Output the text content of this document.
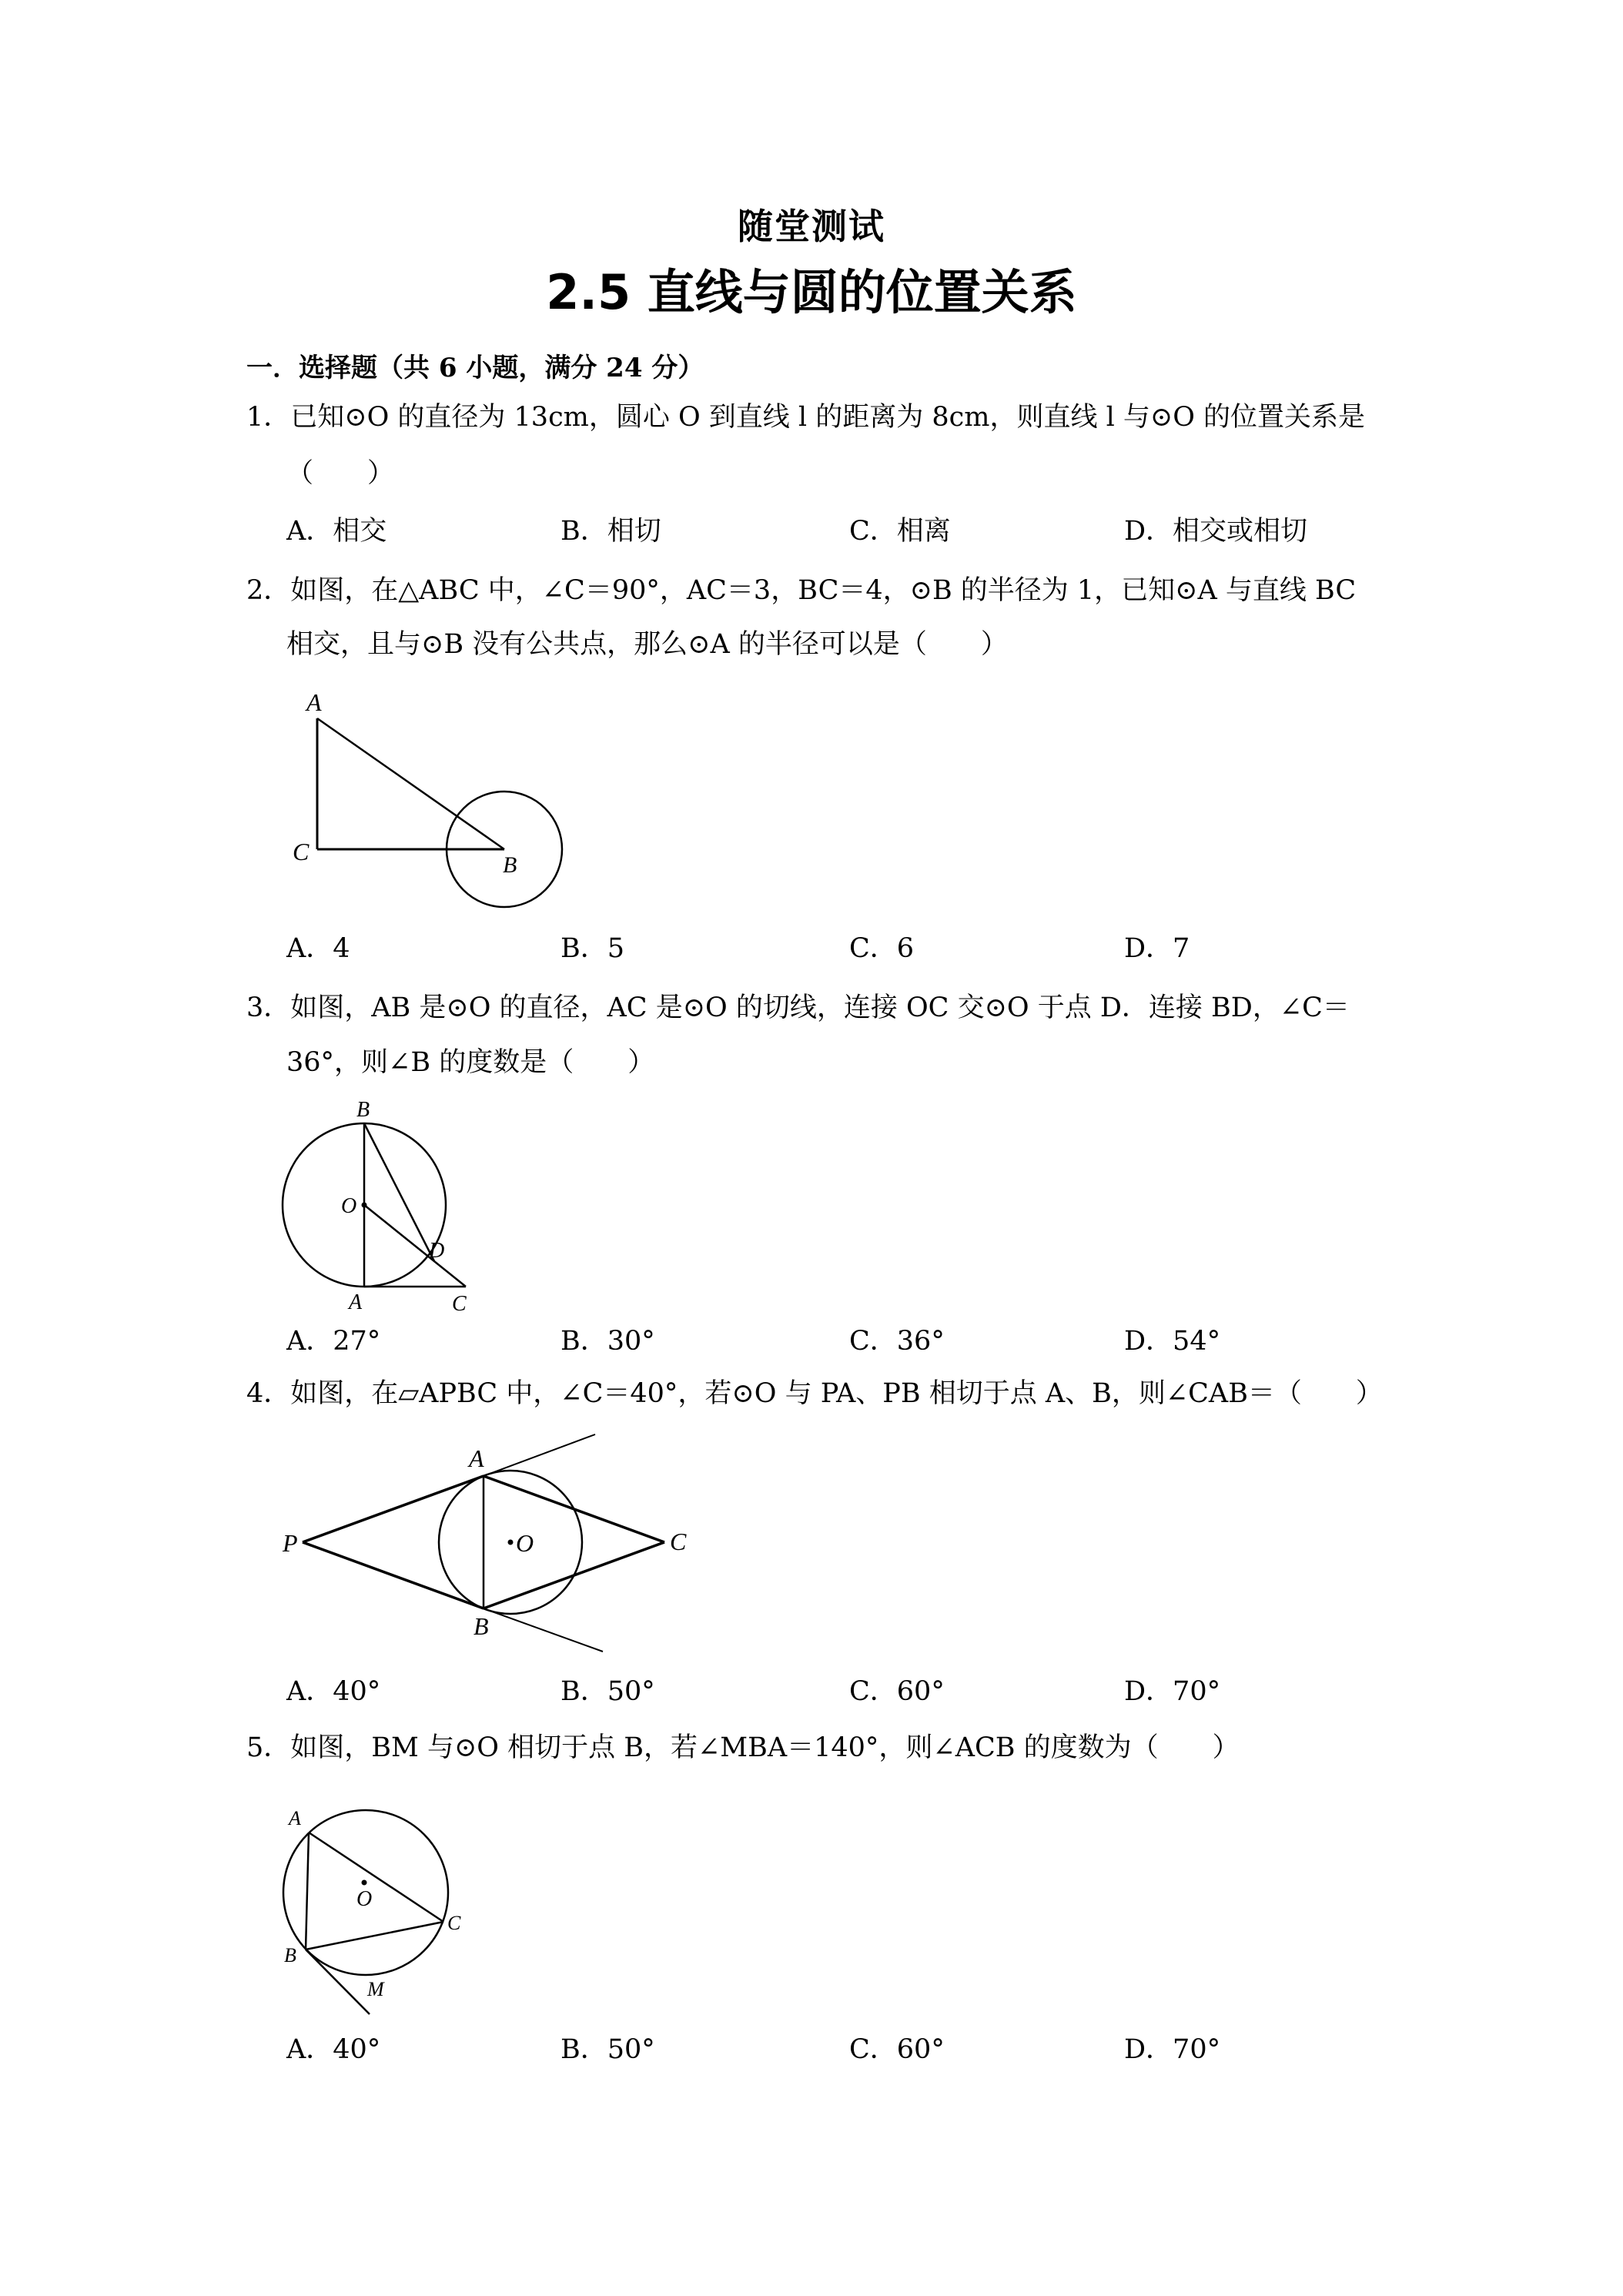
随堂测试
2.5 直线与圆的位置关系
一．选择题（共 6 小题，满分 24 分）
1．已知⊙O 的直径为 13cm，圆心 O 到直线 l 的距离为 8cm，则直线 l 与⊙O 的位置关系是
（　　）
A．相交	B．相切	C．相离	D．相交或相切
2．如图，在△ABC 中，∠C＝90°，AC＝3，BC＝4，⊙B 的半径为 1，已知⊙A 与直线 BC
相交，且与⊙B 没有公共点，那么⊙A 的半径可以是（　　）
A
C	B
A．4	B．5	C．6	D．7
3．如图，AB 是⊙O 的直径，AC 是⊙O 的切线，连接 OC 交⊙O 于点 D．连接 BD，∠C＝
36°，则∠B 的度数是（　　）
B
O
D
A	C
A．27°	B．30°	C．36°	D．54°
4．如图，在▱APBC 中，∠C＝40°，若⊙O 与 PA、PB 相切于点 A、B，则∠CAB＝（　　）
A
P	O	C
B
A．40°	B．50°	C．60°	D．70°
5．如图，BM 与⊙O 相切于点 B，若∠MBA＝140°，则∠ACB 的度数为（　　）
O
A
C
B
M
A．40°	B．50°	C．60°	D．70°
